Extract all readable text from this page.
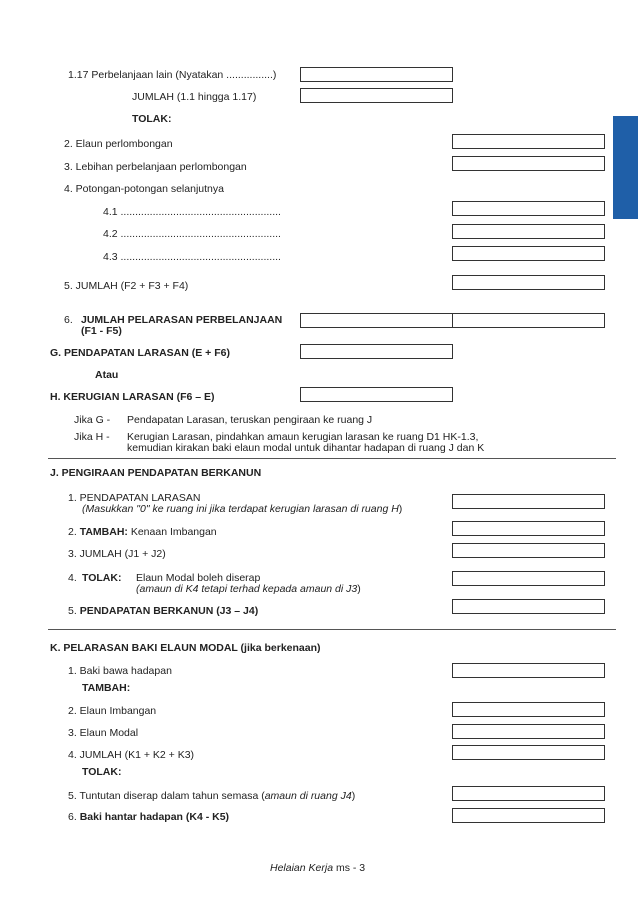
1.17 Perbelanjaan lain (Nyatakan ................)
JUMLAH (1.1 hingga 1.17)
TOLAK:
2. Elaun perlombongan
3. Lebihan perbelanjaan perlombongan
4. Potongan-potongan selanjutnya
4.1 .......................................................
4.2 .......................................................
4.3 .......................................................
5. JUMLAH (F2 + F3 + F4)
6. JUMLAH PELARASAN PERBELANJAAN
(F1 - F5)
G. PENDAPATAN LARASAN (E + F6)
Atau
H. KERUGIAN LARASAN (F6 – E)
Jika G - Pendapatan Larasan, teruskan pengiraan ke ruang J
Jika H - Kerugian Larasan, pindahkan amaun kerugian larasan ke ruang D1 HK-1.3,
kemudian kirakan baki elaun modal untuk dihantar hadapan di ruang J dan K
J. PENGIRAAN PENDAPATAN BERKANUN
1. PENDAPATAN LARASAN
(Masukkan "0" ke ruang ini jika terdapat kerugian larasan di ruang H)
2. TAMBAH: Kenaan Imbangan
3. JUMLAH (J1 + J2)
4. TOLAK: Elaun Modal boleh diserap
(amaun di K4 tetapi terhad kepada amaun di J3)
5. PENDAPATAN BERKANUN (J3 – J4)
K. PELARASAN BAKI ELAUN MODAL (jika berkenaan)
1. Baki bawa hadapan
TAMBAH:
2. Elaun Imbangan
3. Elaun Modal
4. JUMLAH (K1 + K2 + K3)
TOLAK:
5. Tuntutan diserap dalam tahun semasa (amaun di ruang J4)
6. Baki hantar hadapan (K4 - K5)
Helaian Kerja ms - 3
